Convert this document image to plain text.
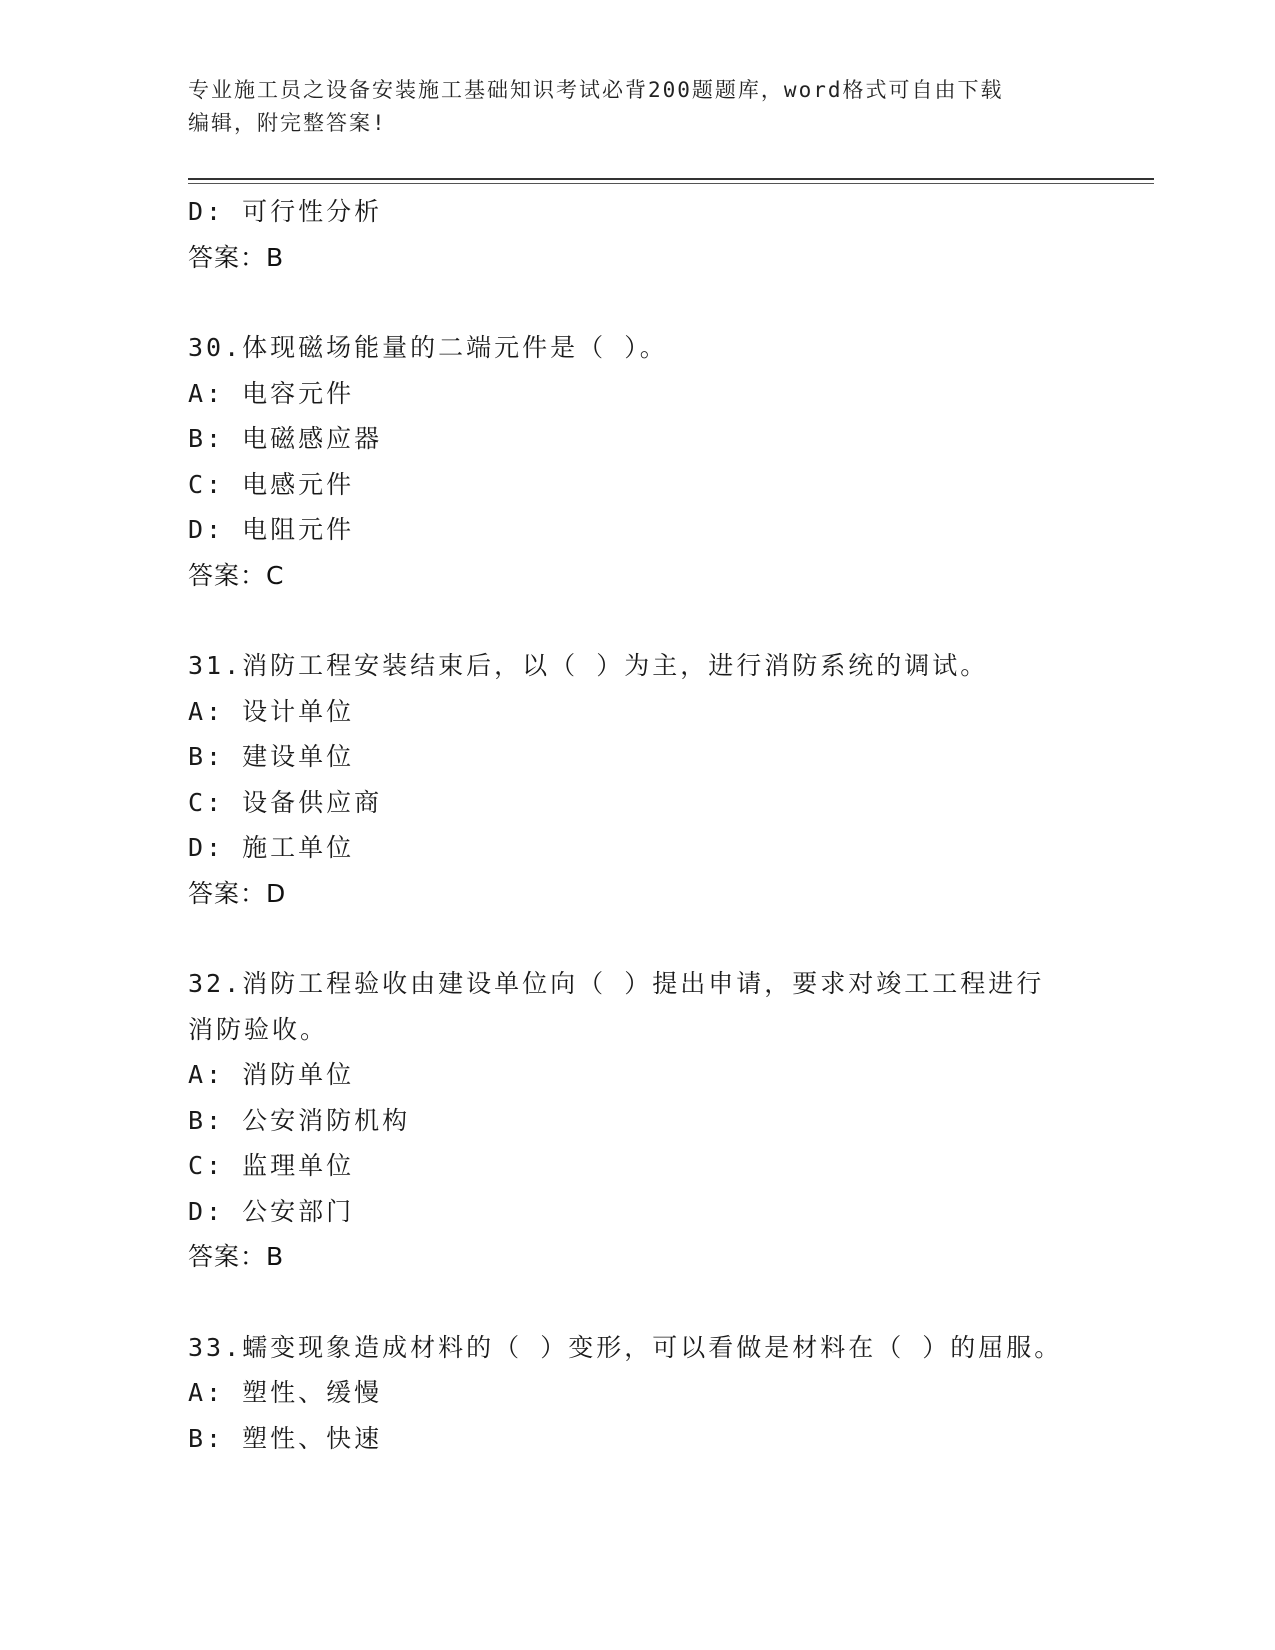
专业施工员之设备安装施工基础知识考试必背200题题库，word格式可自由下载
编辑，附完整答案!
D: 可行性分析
答案：B
30.体现磁场能量的二端元件是（ ）。
A: 电容元件
B: 电磁感应器
C: 电感元件
D: 电阻元件
答案：C
31.消防工程安装结束后，以（ ）为主，进行消防系统的调试。
A: 设计单位
B: 建设单位
C: 设备供应商
D: 施工单位
答案：D
32.消防工程验收由建设单位向（ ）提出申请，要求对竣工工程进行
消防验收。
A: 消防单位
B: 公安消防机构
C: 监理单位
D: 公安部门
答案：B
33.蠕变现象造成材料的（ ）变形，可以看做是材料在（ ）的屈服。
A: 塑性、缓慢
B: 塑性、快速
